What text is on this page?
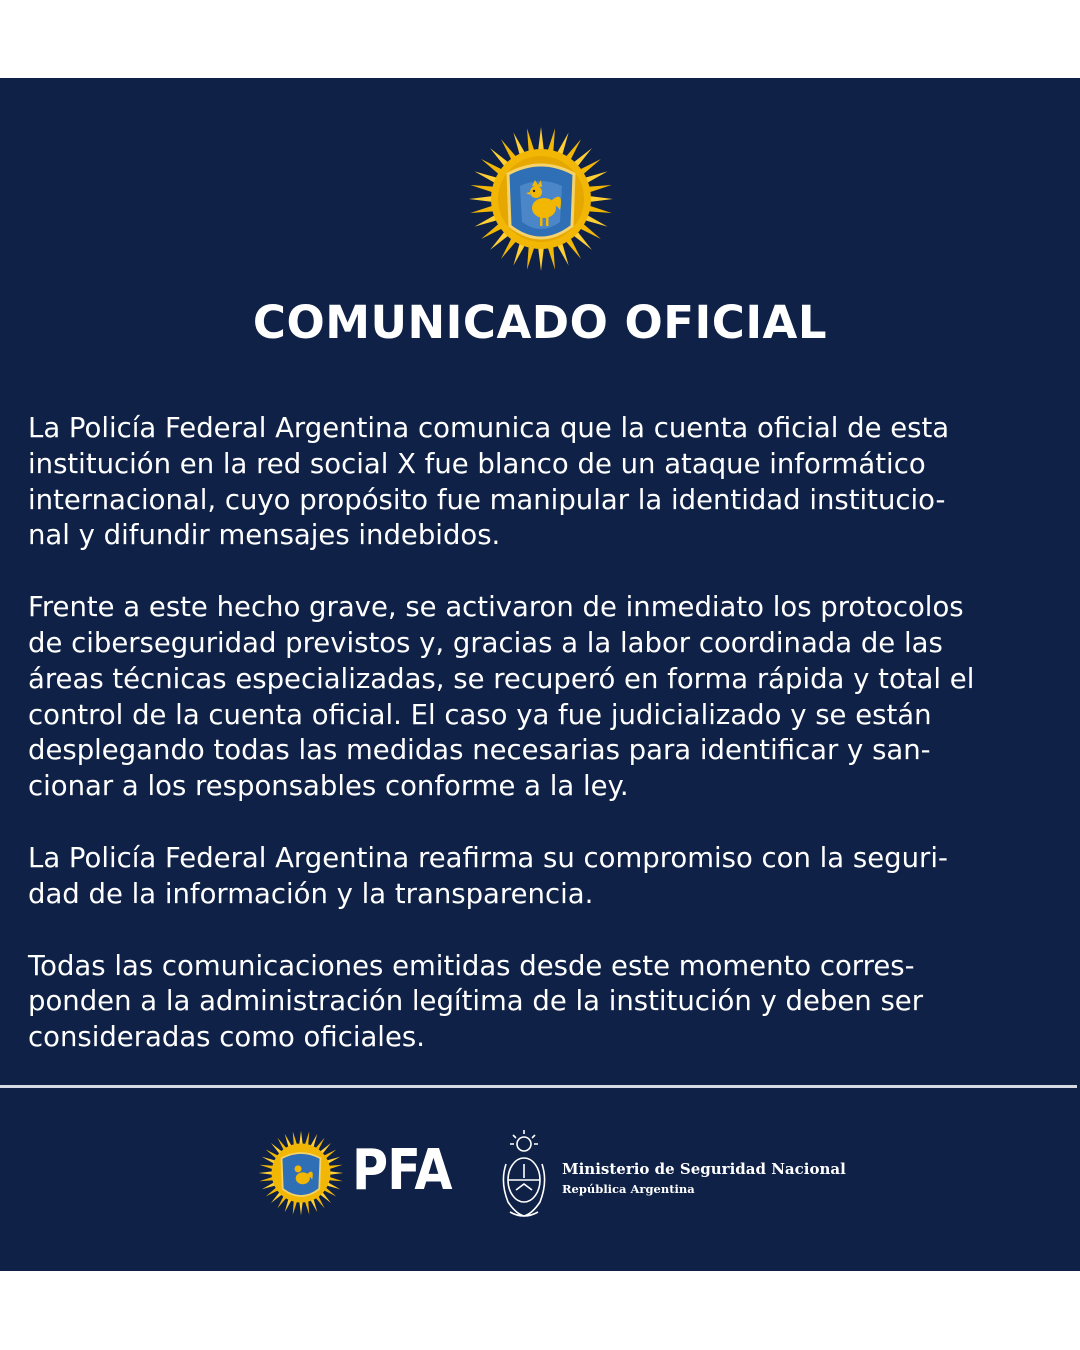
COMUNICADO OFICIAL

La Policía Federal Argentina comunica que la cuenta oficial de esta
institución en la red social X fue blanco de un ataque informático
internacional, cuyo propósito fue manipular la identidad institucio-
nal y difundir mensajes indebidos.

Frente a este hecho grave, se activaron de inmediato los protocolos
de ciberseguridad previstos y, gracias a la labor coordinada de las
áreas técnicas especializadas, se recuperó en forma rápida y total el
control de la cuenta oficial. El caso ya fue judicializado y se están
desplegando todas las medidas necesarias para identificar y san-
cionar a los responsables conforme a la ley.

La Policía Federal Argentina reafirma su compromiso con la seguri-
dad de la información y la transparencia.

Todas las comunicaciones emitidas desde este momento corres-
ponden a la administración legítima de la institución y deben ser
consideradas como oficiales.

PFA	Ministerio de Seguridad Nacional
República Argentina
